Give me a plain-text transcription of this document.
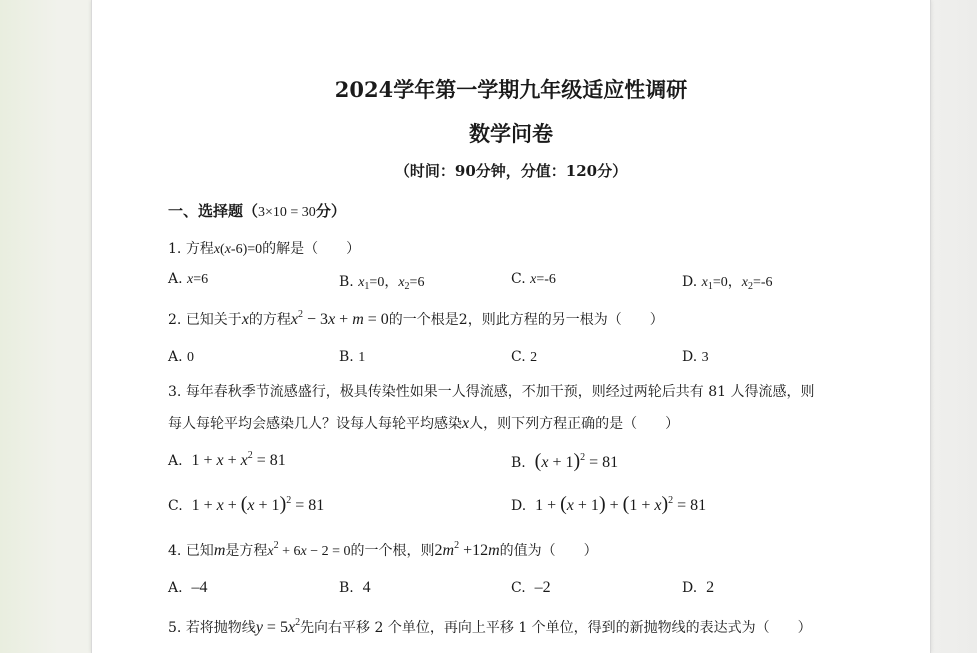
2024学年第一学期九年级适应性调研
数学问卷
（时间：90分钟，分值：120分）
一、选择题（3×10 = 30分）
1. 方程x(x-6)=0的解是（　　）
A. x=6	B. $x_1=0$，$x_2=6$	C. x=-6	D. $x_1=0$，$x_2=-6$
2. 已知关于x的方程$x^2 - 3x + m = 0$的一个根是2，则此方程的另一根为（　　）
A. 0	B. 1	C. 2	D. 3
3. 每年春秋季节流感盛行，极具传染性如果一人得流感，不加干预，则经过两轮后共有 81 人得流感，则
每人每轮平均会感染几人？设每人每轮平均感染x人，则下列方程正确的是（　　）
A. $1 + x + x^2 = 81$	B. $(x + 1)^2 = 81$
C. $1 + x + (x + 1)^2 = 81$	D. $1 + (x + 1) + (1 + x)^2 = 81$
4. 已知m是方程$x^2 + 6x - 2 = 0$的一个根，则$2m^2 +12m$的值为（　　）
A. –4	B. 4	C. –2	D. 2
5. 若将抛物线$y = 5x^2$先向右平移 2 个单位，再向上平移 1 个单位，得到的新抛物线的表达式为（　　）
